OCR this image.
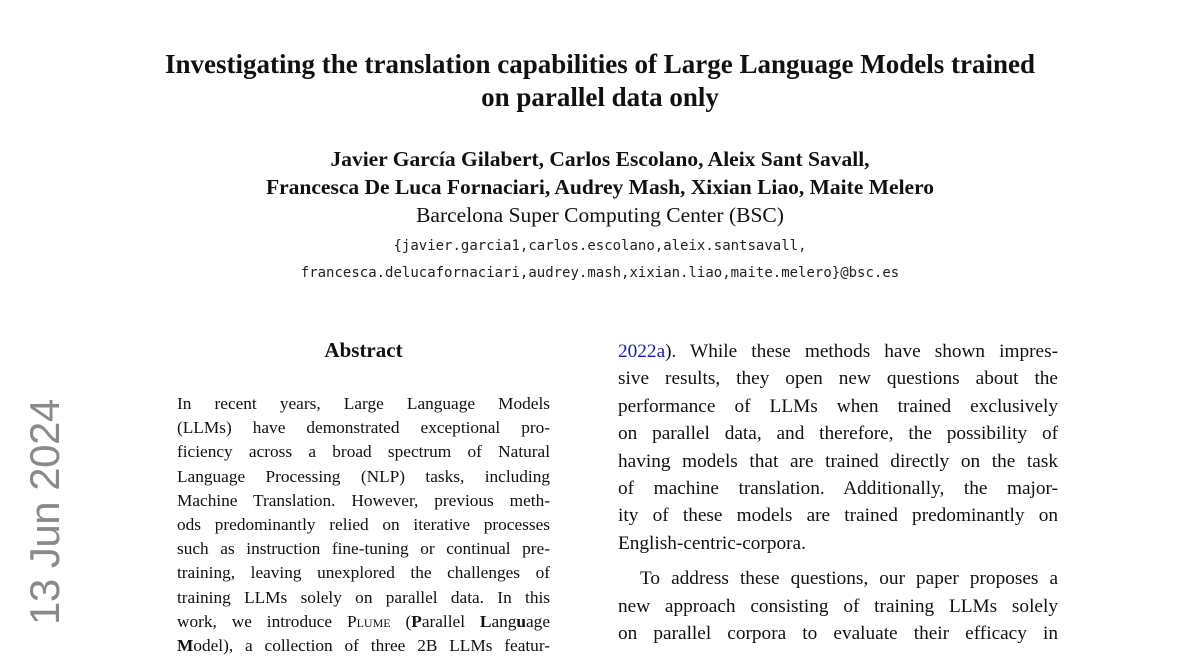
13 Jun 2024
Investigating the translation capabilities of Large Language Models trained
on parallel data only
Javier García Gilabert, Carlos Escolano, Aleix Sant Savall,
Francesca De Luca Fornaciari, Audrey Mash, Xixian Liao, Maite Melero
Barcelona Super Computing Center (BSC)
{javier.garcia1,carlos.escolano,aleix.santsavall,
francesca.delucafornaciari,audrey.mash,xixian.liao,maite.melero}@bsc.es
Abstract
In recent years, Large Language Models
(LLMs) have demonstrated exceptional pro-
ficiency across a broad spectrum of Natural
Language Processing (NLP) tasks, including
Machine Translation. However, previous meth-
ods predominantly relied on iterative processes
such as instruction fine-tuning or continual pre-
training, leaving unexplored the challenges of
training LLMs solely on parallel data. In this
work, we introduce Plume (Parallel Language
Model), a collection of three 2B LLMs featur-
2022a). While these methods have shown impres-
sive results, they open new questions about the
performance of LLMs when trained exclusively
on parallel data, and therefore, the possibility of
having models that are trained directly on the task
of machine translation. Additionally, the major-
ity of these models are trained predominantly on
English-centric-corpora.
To address these questions, our paper proposes a
new approach consisting of training LLMs solely
on parallel corpora to evaluate their efficacy in
